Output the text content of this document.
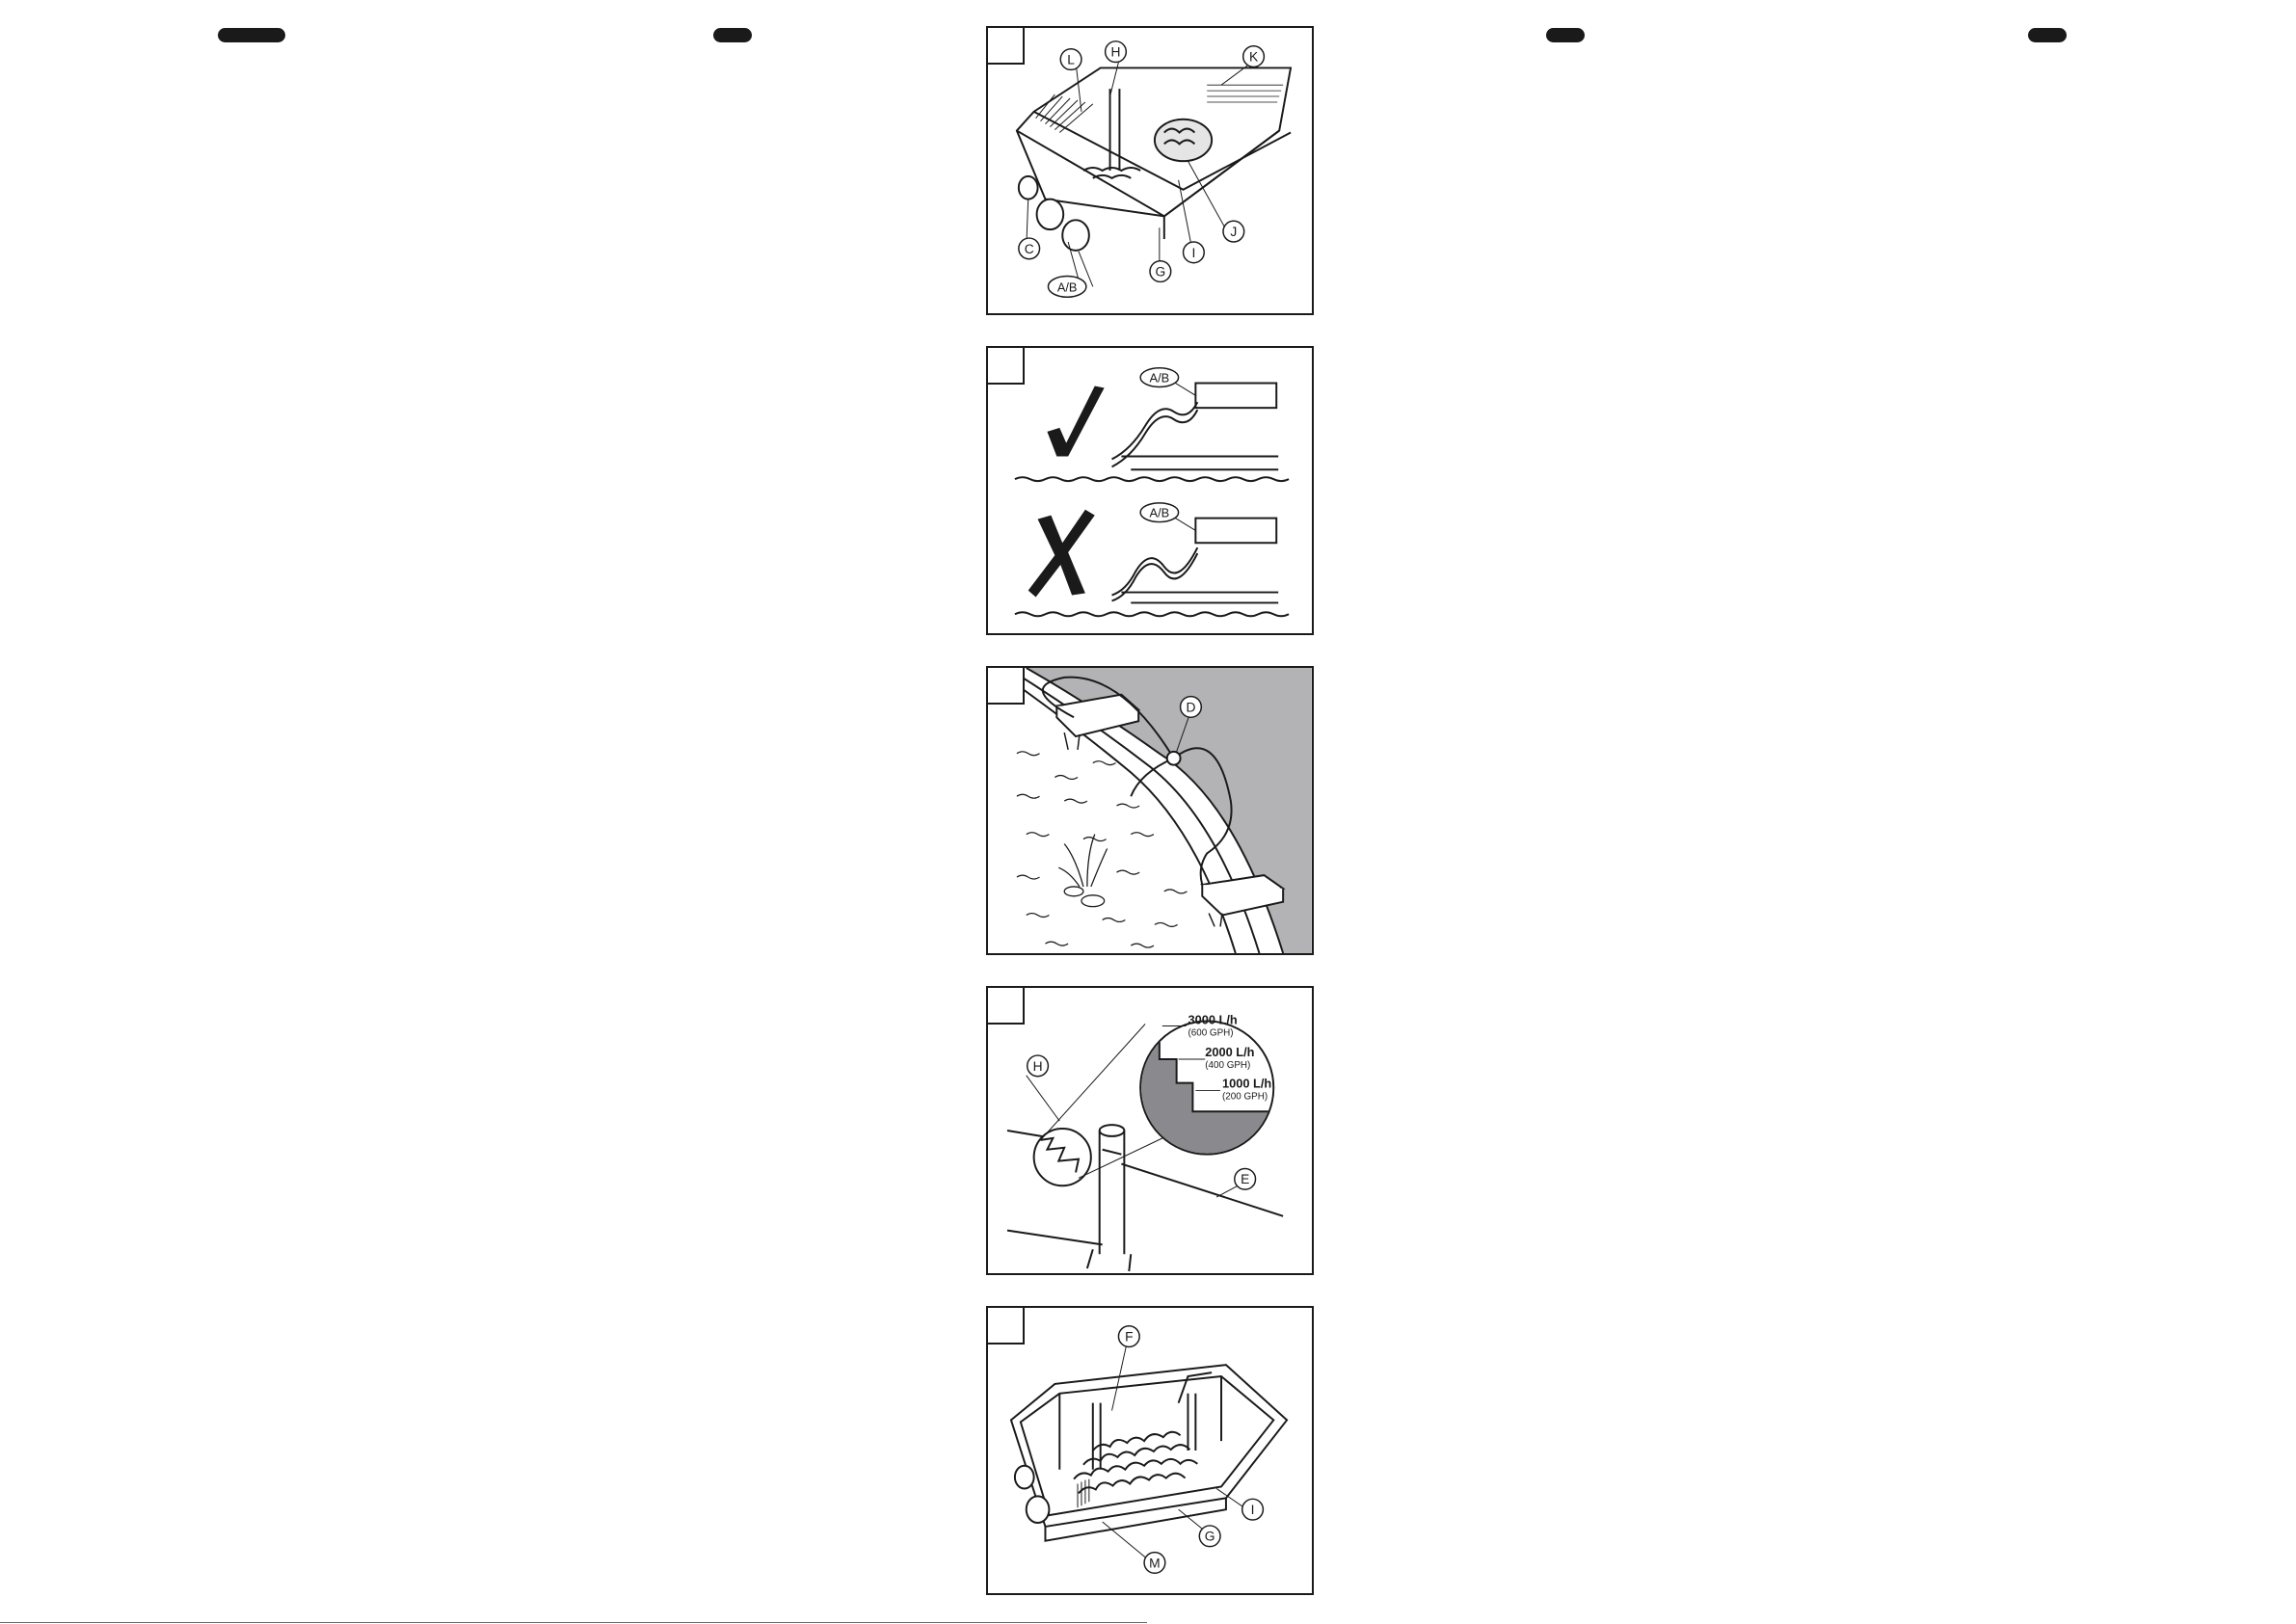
L	H	K
C
A/B
G
I
J
A/B
A/B
D
3000 L/h
(600 GPH)
2000 L/h
(400 GPH)
1000 L/h
(200 GPH)
H
E
F
I
G
M
